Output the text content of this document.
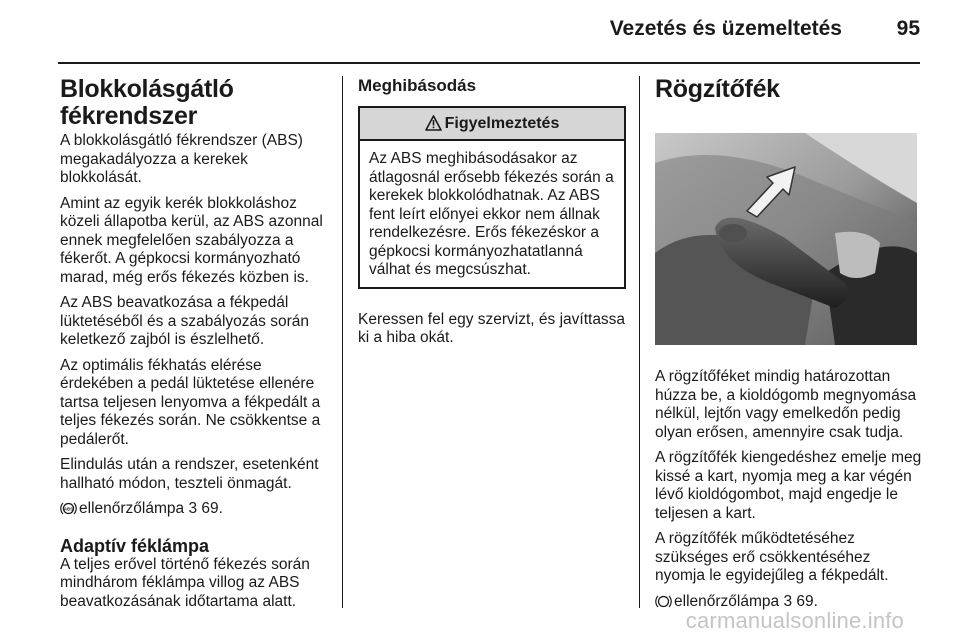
Vezetés és üzemeltetés	95
Blokkolásgátló
fékrendszer

A blokkolásgátló fékrendszer (ABS) megakadályozza a kerekek blokkolását.

Amint az egyik kerék blokkoláshoz közeli állapotba kerül, az ABS azonnal ennek megfelelően szabályozza a fékerőt. A gépkocsi kormányozható marad, még erős fékezés közben is.

Az ABS beavatkozása a fékpedál lüktetéséből és a szabályozás során keletkező zajból is észlelhető.

Az optimális fékhatás elérése érdekében a pedál lüktetése ellenére tartsa teljesen lenyomva a fékpedált a teljes fékezés során. Ne csökkentse a pedálerőt.

Elindulás után a rendszer, esetenként hallható módon, teszteli önmagát.

ABS ellenőrzőlámpa 3 69.

Adaptív féklámpa

A teljes erővel történő fékezés során mindhárom féklámpa villog az ABS beavatkozásának időtartama alatt.

Meghibásodás
Figyelmeztetés
Az ABS meghibásodásakor az átlagosnál erősebb fékezés során a kerekek blokkolódhatnak. Az ABS fent leírt előnyei ekkor nem állnak rendelkezésre. Erős fékezéskor a gépkocsi kormányozhatatlanná válhat és megcsúszhat.

Keressen fel egy szervizt, és javíttassa ki a hiba okát.

Rögzítőfék

A rögzítőféket mindig határozottan húzza be, a kioldógomb megnyomása nélkül, lejtőn vagy emelkedőn pedig olyan erősen, amennyire csak tudja.

A rögzítőfék kiengedéshez emelje meg kissé a kart, nyomja meg a kar végén lévő kioldógombot, majd engedje le teljesen a kart.

A rögzítőfék működtetéséhez szükséges erő csökkentéséhez nyomja le egyidejűleg a fékpedált.

ellenőrzőlámpa 3 69.

carmanualsonline.info
